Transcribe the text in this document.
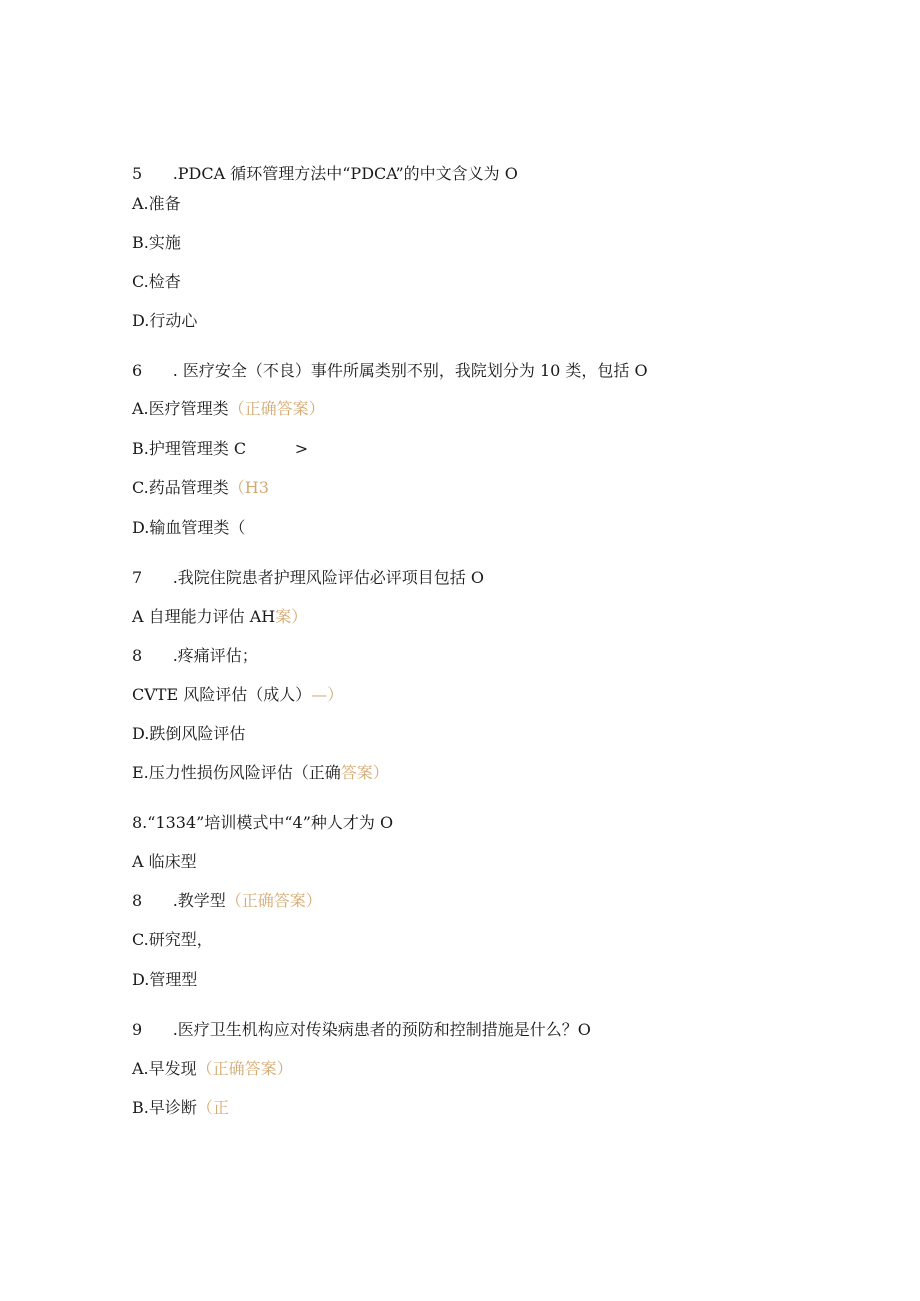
5	.PDCA 循环管理方法中“PDCA”的中文含义为 O
A.准备
B.实施
C.检杳
D.行动心
6	. 医疗安全（不良）事件所属类别不别，我院划分为 10 类，包括 O
A.医疗管理类（正确答案）
B.护理管理类 C		>
C.药品管理类（H3
D.输血管理类（
7	.我院住院患者护理风险评估必评项目包括 O
A 自理能力评估 AH案）
8	.疼痛评估；
CVTE 风险评估（成人）—）
D.跌倒风险评估
E.压力性损伤风险评估（正确答案）
8.“1334”培训模式中“4”种人才为 O
A 临床型
8	.教学型（正确答案）
C.研究型，
D.管理型
9	.医疗卫生机构应对传染病患者的预防和控制措施是什么？O
A.早发现（正确答案）
B.早诊断（正
